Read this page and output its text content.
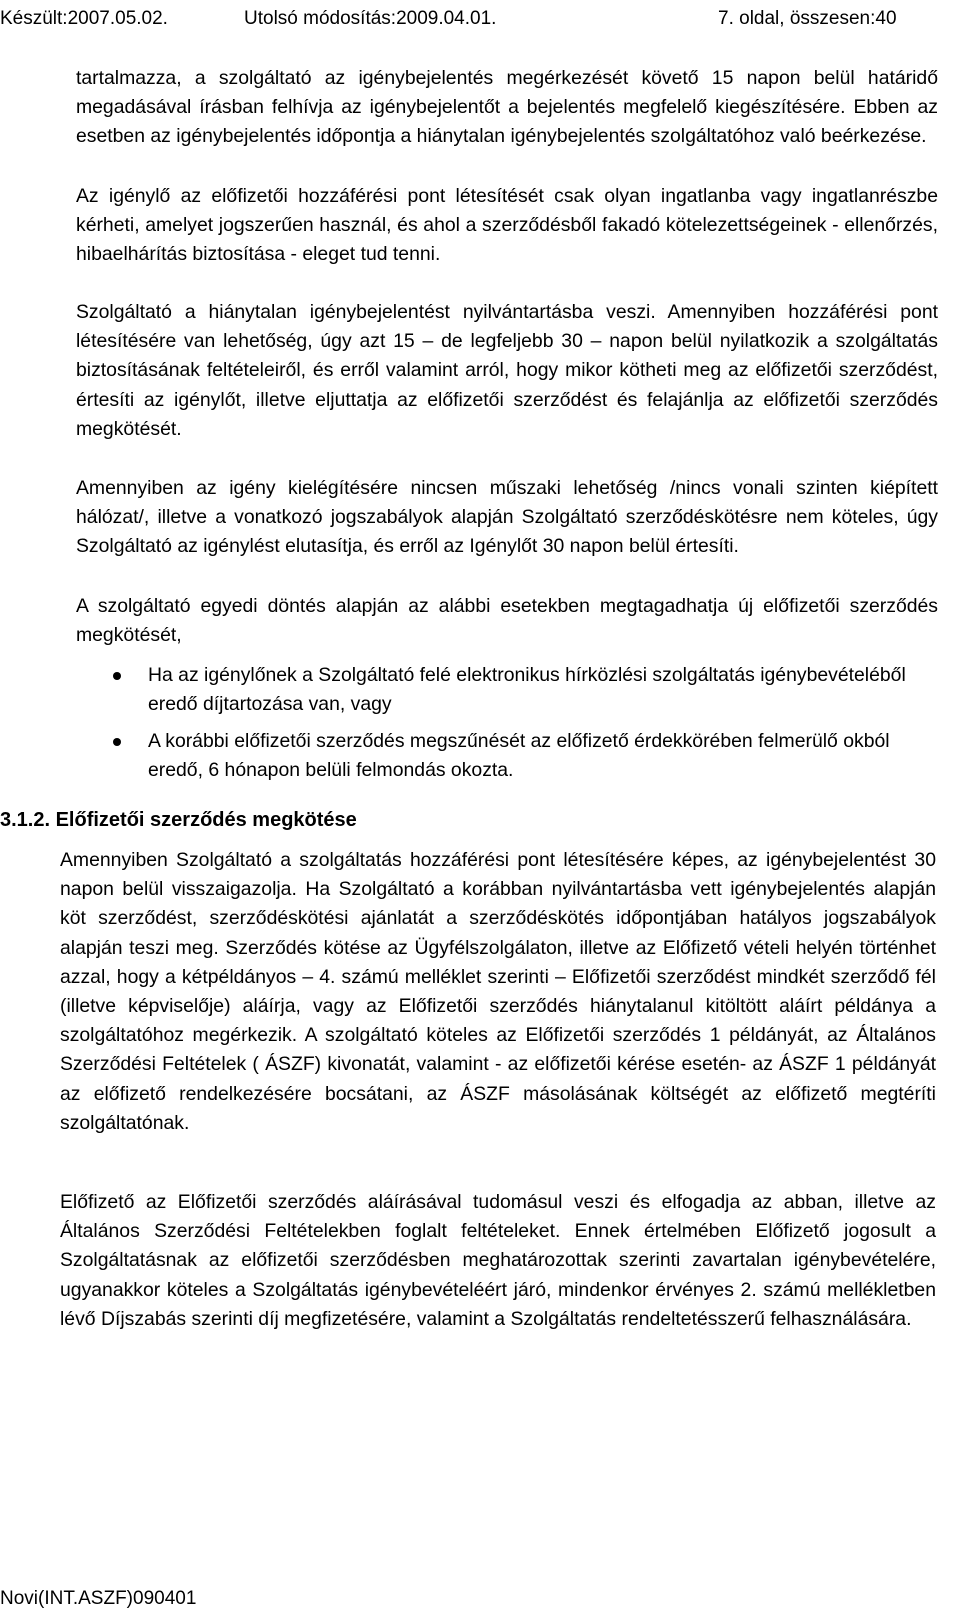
Készült:2007.05.02.	Utolsó módosítás:2009.04.01.	7. oldal, összesen:40

tartalmazza, a szolgáltató az igénybejelentés megérkezését követő 15 napon belül határidő megadásával írásban felhívja az igénybejelentőt a bejelentés megfelelő kiegészítésére. Ebben az esetben az igénybejelentés időpontja a hiánytalan igénybejelentés szolgáltatóhoz való beérkezése.

Az igénylő az előfizetői hozzáférési pont létesítését csak olyan ingatlanba vagy ingatlanrészbe kérheti, amelyet jogszerűen használ, és ahol a szerződésből fakadó kötelezettségeinek - ellenőrzés, hibaelhárítás biztosítása - eleget tud tenni.

Szolgáltató a hiánytalan igénybejelentést nyilvántartásba veszi. Amennyiben hozzáférési pont létesítésére van lehetőség, úgy azt 15 – de legfeljebb 30 – napon belül nyilatkozik a szolgáltatás biztosításának feltételeiről, és erről valamint arról, hogy mikor kötheti meg az előfizetői szerződést, értesíti az igénylőt, illetve eljuttatja az előfizetői szerződést és felajánlja az előfizetői szerződés megkötését.

Amennyiben az igény kielégítésére nincsen műszaki lehetőség /nincs vonali szinten kiépített hálózat/, illetve a vonatkozó jogszabályok alapján Szolgáltató szerződéskötésre nem köteles, úgy Szolgáltató az igénylést elutasítja, és erről az Igénylőt 30 napon belül értesíti.

A szolgáltató egyedi döntés alapján az alábbi esetekben megtagadhatja új előfizetői szerződés megkötését,

Ha az igénylőnek a Szolgáltató felé elektronikus hírközlési szolgáltatás igénybevételéből eredő díjtartozása van, vagy
A korábbi előfizetői szerződés megszűnését az előfizető érdekkörében felmerülő okból eredő, 6 hónapon belüli felmondás okozta.

3.1.2. Előfizetői szerződés megkötése

Amennyiben Szolgáltató a szolgáltatás hozzáférési pont létesítésére képes, az igénybejelentést 30 napon belül visszaigazolja. Ha Szolgáltató a korábban nyilvántartásba vett igénybejelentés alapján köt szerződést, szerződéskötési ajánlatát a szerződéskötés időpontjában hatályos jogszabályok alapján teszi meg. Szerződés kötése az Ügyfélszolgálaton, illetve az Előfizető vételi helyén történhet azzal, hogy a kétpéldányos – 4. számú melléklet szerinti – Előfizetői szerződést mindkét szerződő fél (illetve képviselője) aláírja, vagy az Előfizetői szerződés hiánytalanul kitöltött aláírt példánya a szolgáltatóhoz megérkezik. A szolgáltató köteles az Előfizetői szerződés 1 példányát, az Általános Szerződési Feltételek ( ÁSZF) kivonatát, valamint - az előfizetői kérése esetén- az ÁSZF 1 példányát az előfizető rendelkezésére bocsátani, az ÁSZF másolásának költségét az előfizető megtéríti szolgáltatónak.

Előfizető az Előfizetői szerződés aláírásával tudomásul veszi és elfogadja az abban, illetve az Általános Szerződési Feltételekben foglalt feltételeket. Ennek értelmében Előfizető jogosult a Szolgáltatásnak az előfizetői szerződésben meghatározottak szerinti zavartalan igénybevételére, ugyanakkor köteles a Szolgáltatás igénybevételéért járó, mindenkor érvényes 2. számú mellékletben lévő Díjszabás szerinti díj megfizetésére, valamint a Szolgáltatás rendeltetésszerű felhasználására.

Novi(INT.ASZF)090401
